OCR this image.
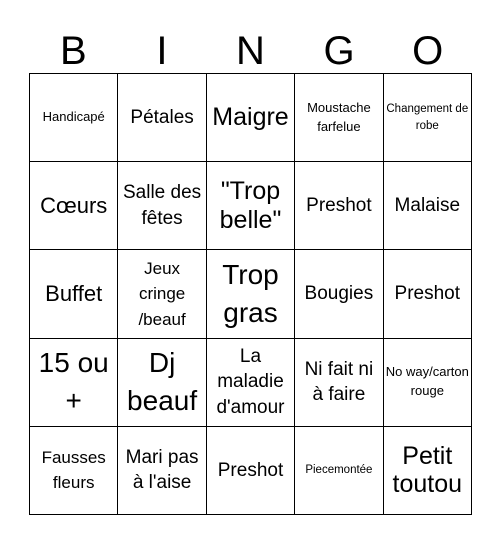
B	I	N	G	O
Handicapé	Pétales Maigre	Moustache farfelue
Changement de robe
Cœurs
Salle des fêtes
"Trop belle"
Preshot	Malaise
Buffet
Jeux cringe /beauf
Trop gras
Bougies	Preshot
15 ou +
Dj beauf
La maladie d'amour
Ni fait ni à faire
No way/carton rouge
Fausses fleurs
Mari pas à l'aise
Preshot	Piecemontée
Petit toutou
